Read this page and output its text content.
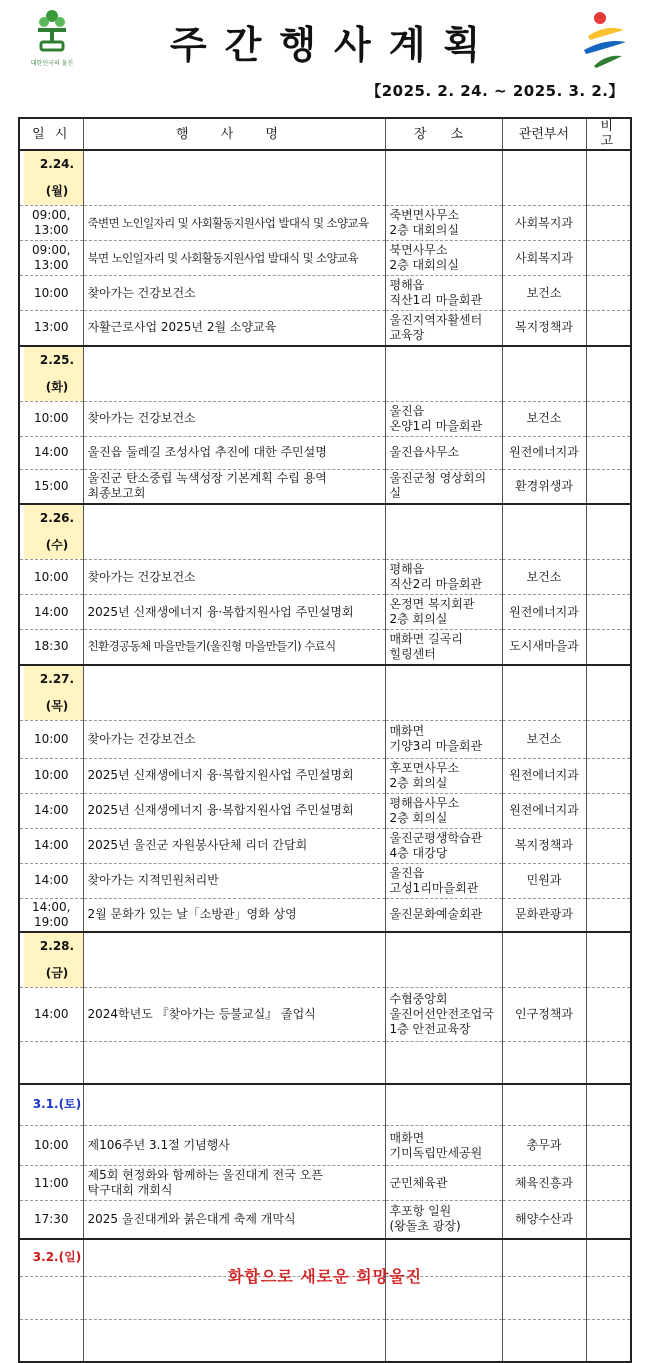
대한민국의 울진	주간행사계획
【2025. 2. 24. ~ 2025. 3. 2.】
일 시	행 사 명	장 소	관련부서	비 고
2.24.(월)				
09:00,
13:00	죽변면 노인일자리 및 사회활동지원사업 발대식 및 소양교육	죽변면사무소
2층 대회의실	사회복지과	
09:00,
13:00	북면 노인일자리 및 사회활동지원사업 발대식 및 소양교육	북면사무소
2층 대회의실	사회복지과	
10:00	찾아가는 건강보건소	평해읍
직산1리 마을회관	보건소	
13:00	자활근로사업 2025년 2월 소양교육	울진지역자활센터
교육장	복지정책과	
2.25.(화)				
10:00	찾아가는 건강보건소	울진읍
온양1리 마을회관	보건소	
14:00	울진읍 둘레길 조성사업 추진에 대한 주민설명	울진읍사무소	원전에너지과	
15:00	울진군 탄소중립 녹색성장 기본계획 수립 용역
최종보고회	울진군청 영상회의실	환경위생과	
2.26.(수)				
10:00	찾아가는 건강보건소	평해읍
직산2리 마을회관	보건소	
14:00	2025년 신재생에너지 융·복합지원사업 주민설명회	온정면 복지회관
2층 회의실	원전에너지과	
18:30	친환경공동체 마을만들기(울진형 마을만들기) 수료식	매화면 길곡리
힐링센터	도시새마을과	
2.27.(목)				
10:00	찾아가는 건강보건소	매화면
기양3리 마을회관	보건소	
10:00	2025년 신재생에너지 융·복합지원사업 주민설명회	후포면사무소
2층 회의실	원전에너지과	
14:00	2025년 신재생에너지 융·복합지원사업 주민설명회	평해읍사무소
2층 회의실	원전에너지과	
14:00	2025년 울진군 자원봉사단체 리더 간담회	울진군평생학습관
4층 대강당	복지정책과	
14:00	찾아가는 지적민원처리반	울진읍
고성1리마을회관	민원과	
14:00,
19:00	2월 문화가 있는 날「소방관」영화 상영	울진문화예술회관	문화관광과	
2.28.(금)				
14:00	2024학년도 『찾아가는 등불교실』 졸업식	수협중앙회
울진어선안전조업국
1층 안전교육장	인구정책과	

3.1.(토)				
10:00	제106주년 3.1절 기념행사	매화면
기미독립만세공원	총무과	
11:00	제5회 현정화와 함께하는 울진대게 전국 오픈
탁구대회 개회식	군민체육관	체육진흥과	
17:30	2025 울진대게와 붉은대게 축제 개막식	후포항 일원
(왕돌초 광장)	해양수산과	
3.2.(일)				

화합으로 새로운 희망울진
